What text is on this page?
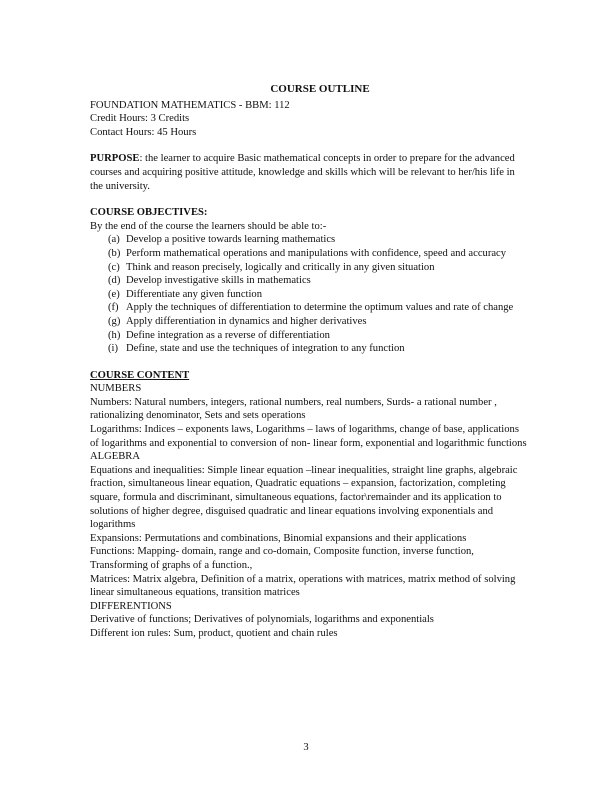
COURSE OUTLINE

FOUNDATION MATHEMATICS - BBM: 112

Credit Hours: 3 Credits

Contact Hours: 45 Hours

PURPOSE: the learner to acquire Basic mathematical concepts in order to prepare for the advanced courses and acquiring positive attitude, knowledge and skills which will be relevant to her/his life in the university.

COURSE OBJECTIVES:

By the end of the course the learners should be able to:-

(a) Develop a positive towards learning mathematics
(b) Perform mathematical operations and manipulations with confidence, speed and accuracy
(c) Think and reason precisely, logically and critically in any given situation
(d) Develop investigative skills in mathematics
(e) Differentiate any given function
(f) Apply the techniques of differentiation to determine the optimum values and rate of change
(g) Apply differentiation in dynamics and higher derivatives
(h) Define integration as a reverse of differentiation
(i) Define, state and use the techniques of integration to any function

COURSE CONTENT

NUMBERS

Numbers: Natural numbers, integers, rational numbers, real numbers, Surds- a rational number , rationalizing denominator, Sets and sets operations

Logarithms: Indices – exponents laws, Logarithms – laws of logarithms, change of base, applications of logarithms and exponential to conversion of non- linear form, exponential and logarithmic functions

ALGEBRA

Equations and inequalities: Simple linear equation –linear inequalities, straight line graphs, algebraic fraction, simultaneous linear equation, Quadratic equations – expansion, factorization, completing square, formula and discriminant, simultaneous equations, factor\remainder and its application to solutions of higher degree, disguised quadratic and linear equations involving exponentials and logarithms

Expansions: Permutations and combinations, Binomial expansions and their applications

Functions: Mapping- domain, range and co-domain, Composite function, inverse function, Transforming of graphs of a function.,

Matrices: Matrix algebra, Definition of a matrix, operations with matrices, matrix method of solving linear simultaneous equations, transition matrices

DIFFERENTIONS

Derivative of functions; Derivatives of polynomials, logarithms and exponentials

Different ion rules: Sum, product, quotient and chain rules

3
